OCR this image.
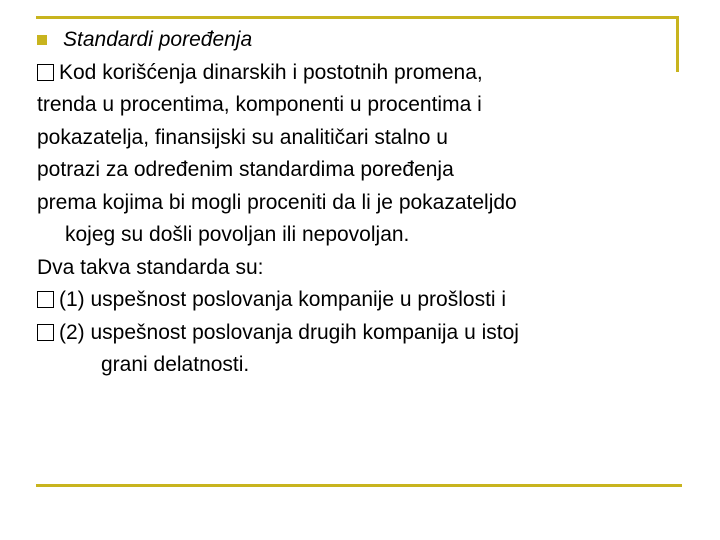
Standardi poređenja
Kod korišćenja dinarskih i postotnih promena,
trenda u procentima, komponenti u procentima i
pokazatelja, finansijski su analitičari stalno u
potrazi za određenim standardima poređenja
prema kojima bi mogli proceniti da li je pokazateljdo
kojeg su došli povoljan ili nepovoljan.
Dva takva standarda su:
(1) uspešnost poslovanja kompanije u prošlosti i
(2) uspešnost poslovanja drugih kompanija u istoj
grani delatnosti.
